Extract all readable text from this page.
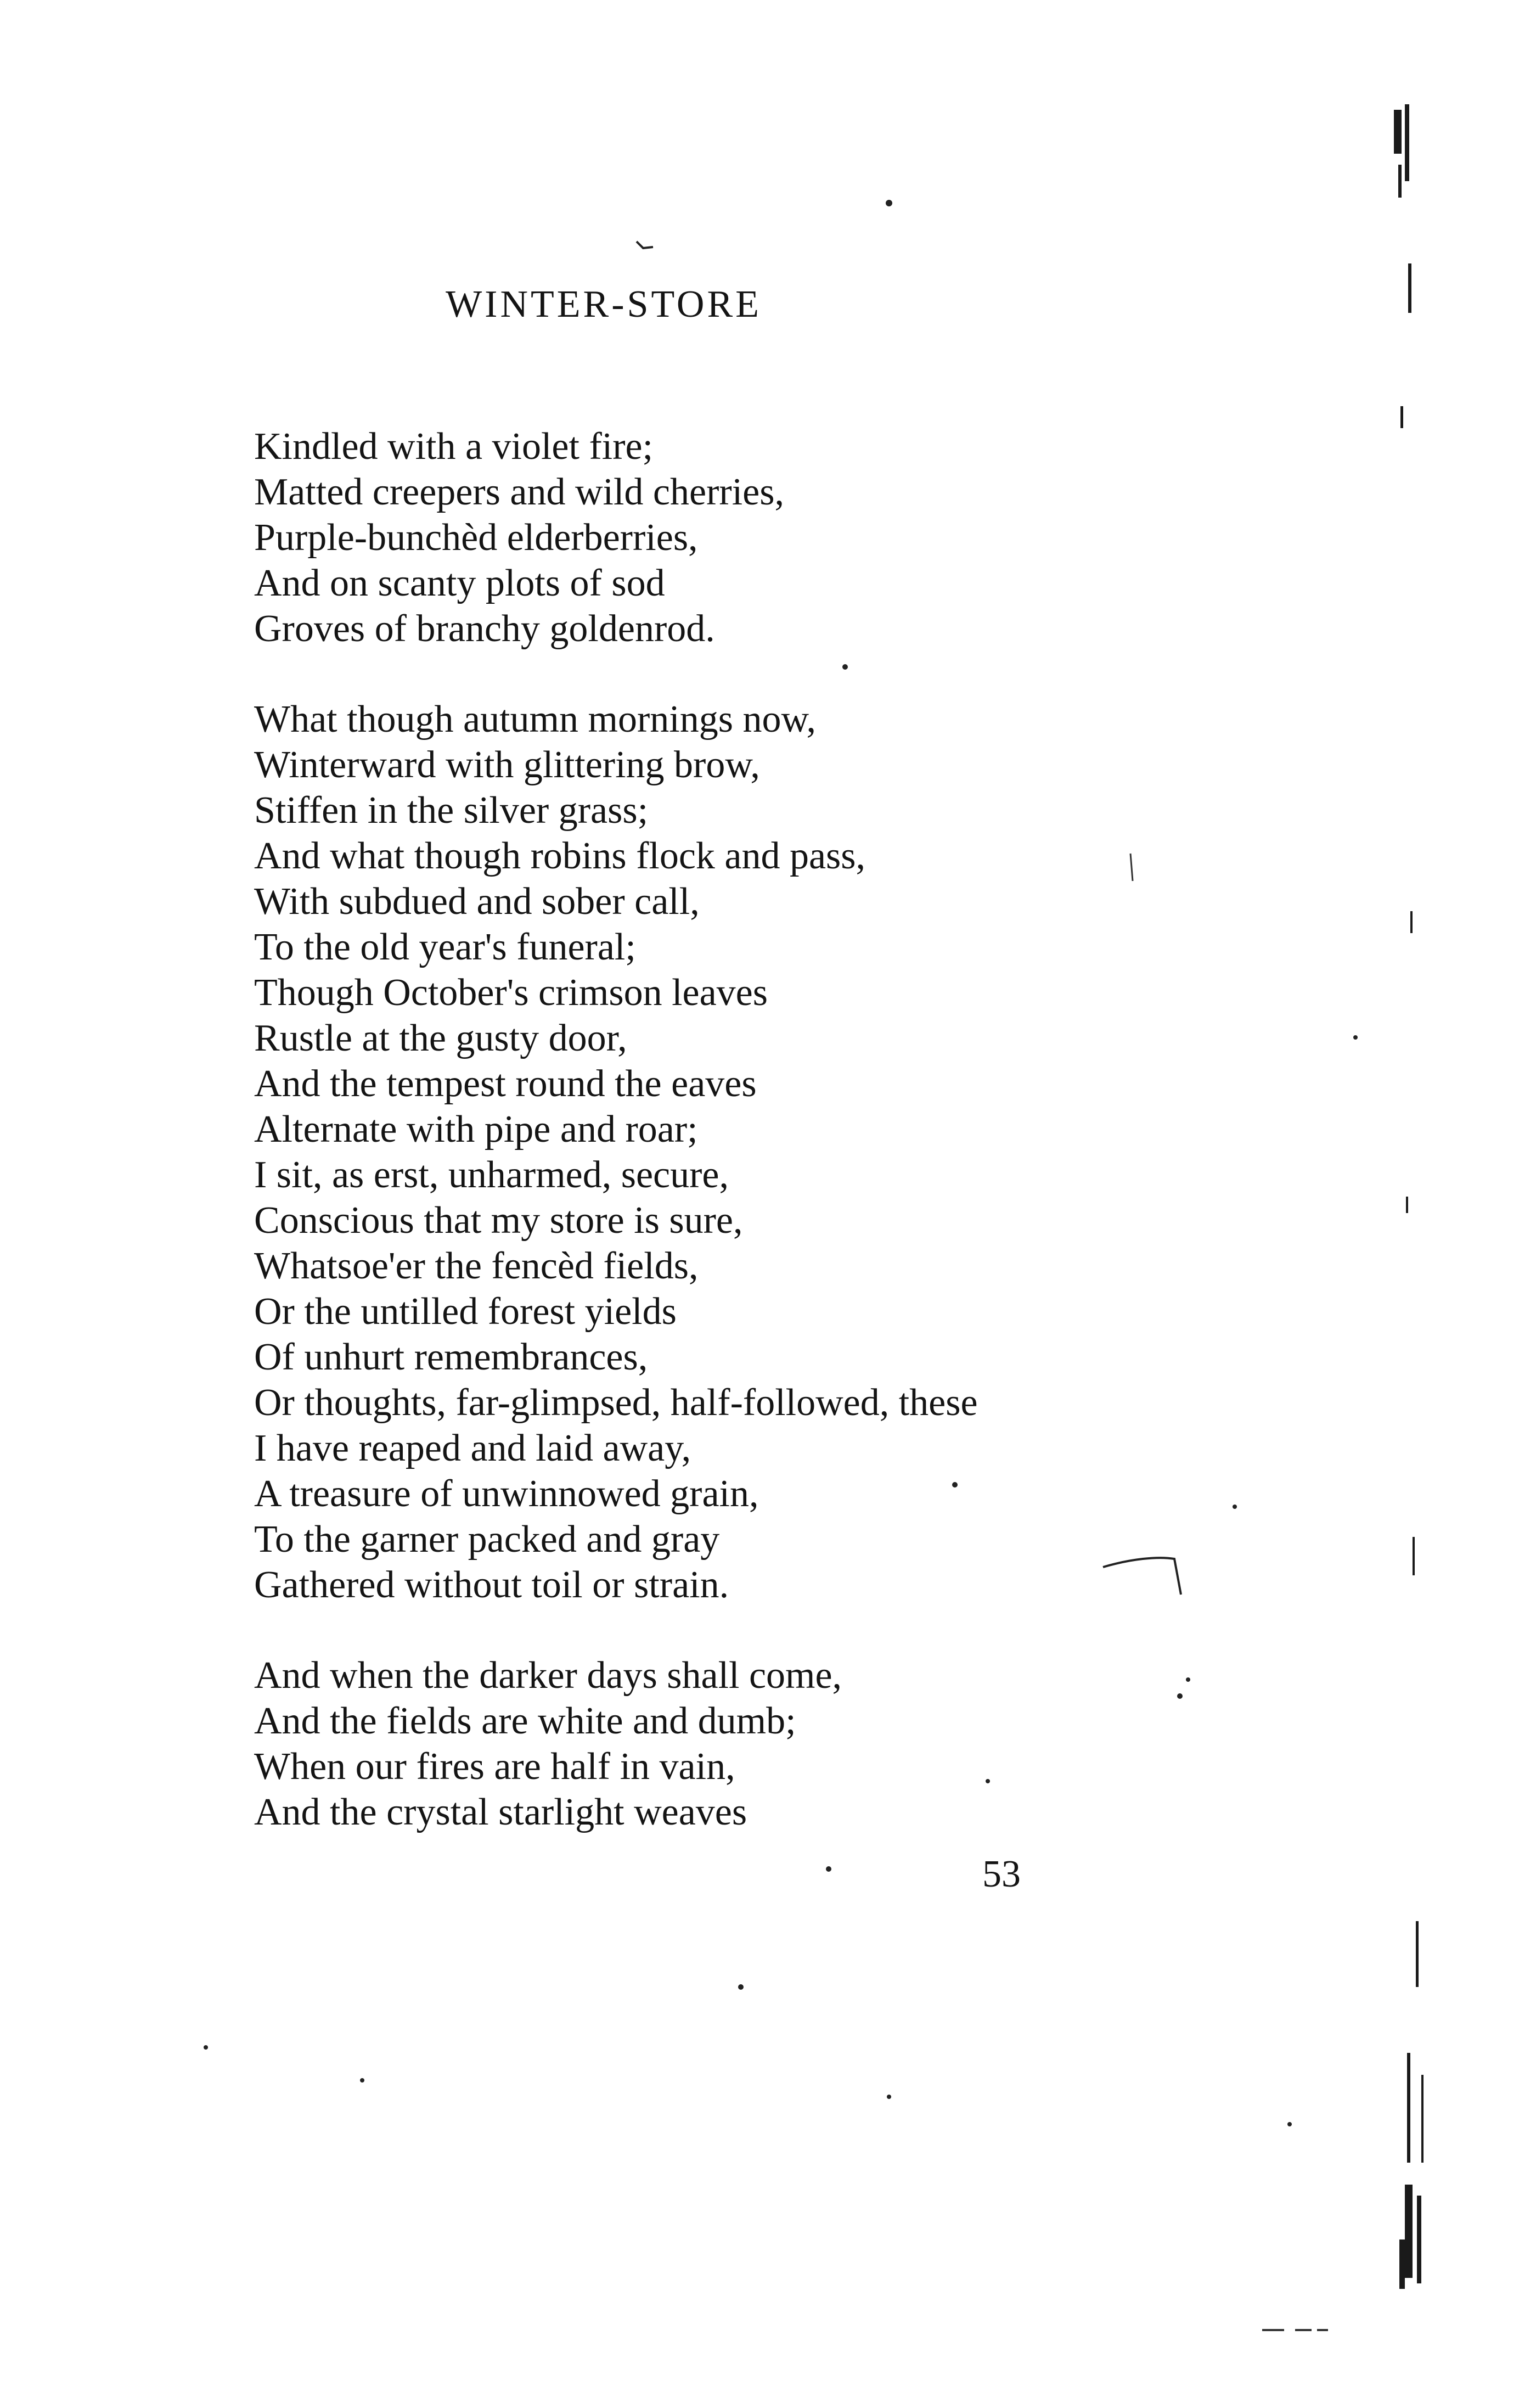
WINTER-STORE
Kindled with a violet fire;
Matted creepers and wild cherries,
Purple-bunchèd elderberries,
And on scanty plots of sod
Groves of branchy goldenrod.
What though autumn mornings now,
Winterward with glittering brow,
Stiffen in the silver grass;
And what though robins flock and pass,
With subdued and sober call,
To the old year's funeral;
Though October's crimson leaves
Rustle at the gusty door,
And the tempest round the eaves
Alternate with pipe and roar;
I sit, as erst, unharmed, secure,
Conscious that my store is sure,
Whatsoe'er the fencèd fields,
Or the untilled forest yields
Of unhurt remembrances,
Or thoughts, far-glimpsed, half-followed, these
I have reaped and laid away,
A treasure of unwinnowed grain,
To the garner packed and gray
Gathered without toil or strain.
And when the darker days shall come,
And the fields are white and dumb;
When our fires are half in vain,
And the crystal starlight weaves
53
